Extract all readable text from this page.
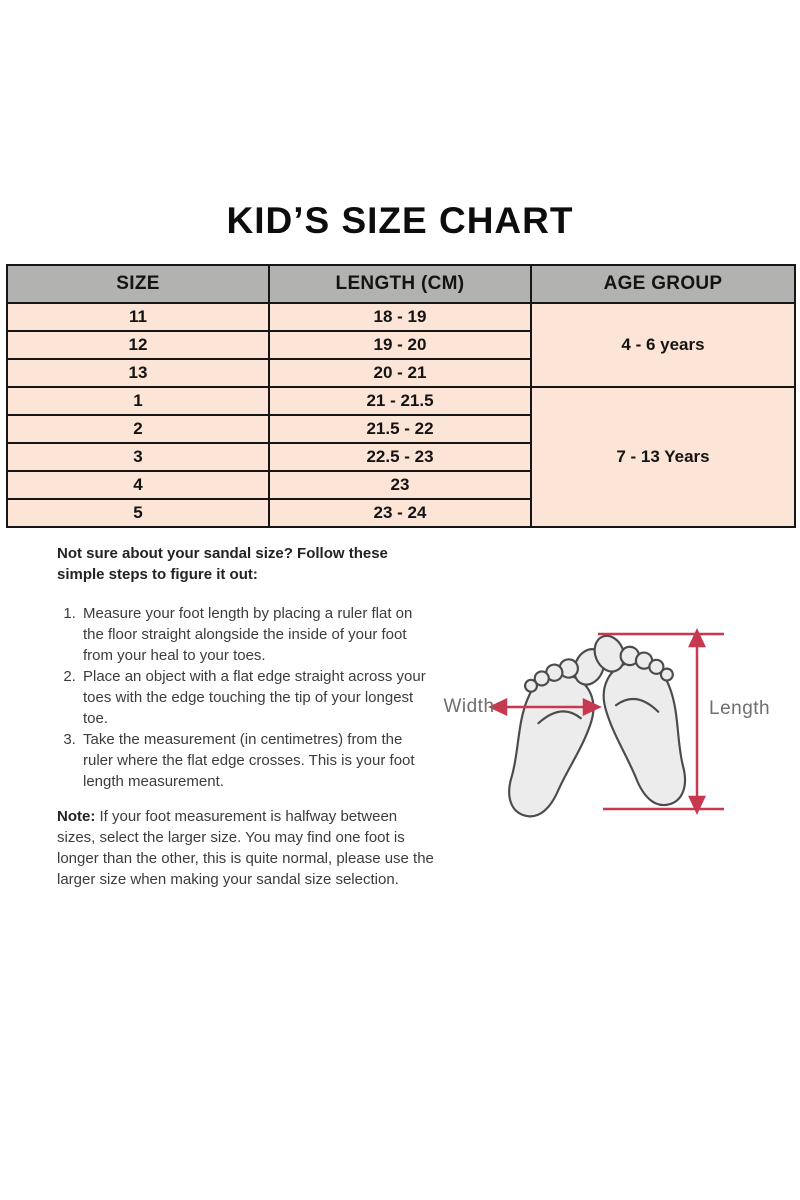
KID’S SIZE CHART
SIZE	LENGTH (CM)	AGE GROUP
11	18 - 19	4 - 6 years
12	19 - 20	
13	20 - 21	
1	21 - 21.5	7 - 13 Years
2	21.5 - 22	
3	22.5 - 23	
4	23	
5	23 - 24	

Not sure about your sandal size? Follow these simple steps to figure it out:

1. Measure your foot length by placing a ruler flat on the floor straight alongside the inside of your foot from your heal to your toes.
2. Place an object with a flat edge straight across your toes with the edge touching the tip of your longest toe.
3. Take the measurement (in centimetres) from the ruler where the flat edge crosses. This is your foot length measurement.

Note: If your foot measurement is halfway between sizes, select the larger size. You may find one foot is longer than the other, this is quite normal, please use the larger size when making your sandal size selection.

Width	Length
